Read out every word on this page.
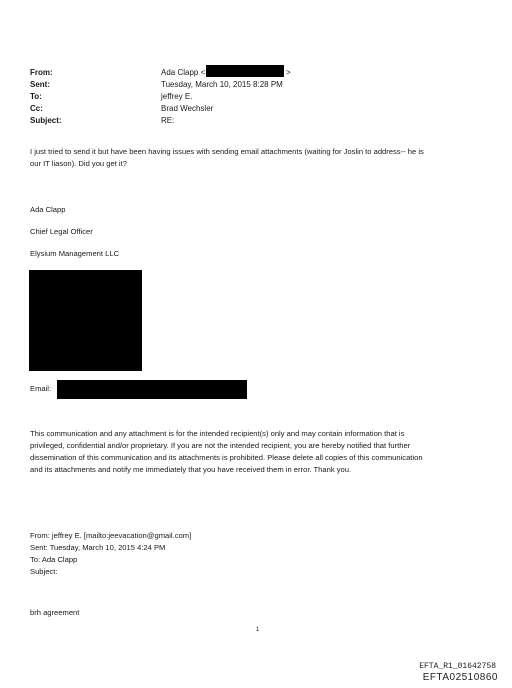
From:
Sent:
To:
Cc:
Subject:
Ada Clapp <	>
Tuesday, March 10, 2015 8:28 PM
jeffrey E.
Brad Wechsler
RE:
I just tried to send it but have been having issues with sending email attachments (waiting for Joslin to address-- he is
our IT liason). Did you get it?
Ada Clapp
Chief Legal Officer
Elysium Management LLC
Email:
This communication and any attachment is for the intended recipient(s) only and may contain information that is
privileged, confidential and/or proprietary. If you are not the intended recipient, you are hereby notified that further
dissemination of this communication and its attachments is prohibited. Please delete all copies of this communication
and its attachments and notify me immediately that you have received them in error. Thank you.
From: jeffrey E. [mailto:jeevacation@gmail.com]
Sent: Tuesday, March 10, 2015 4:24 PM
To: Ada Clapp
Subject:
brh agreement
1
EFTA_R1_01642758
EFTA02510860
